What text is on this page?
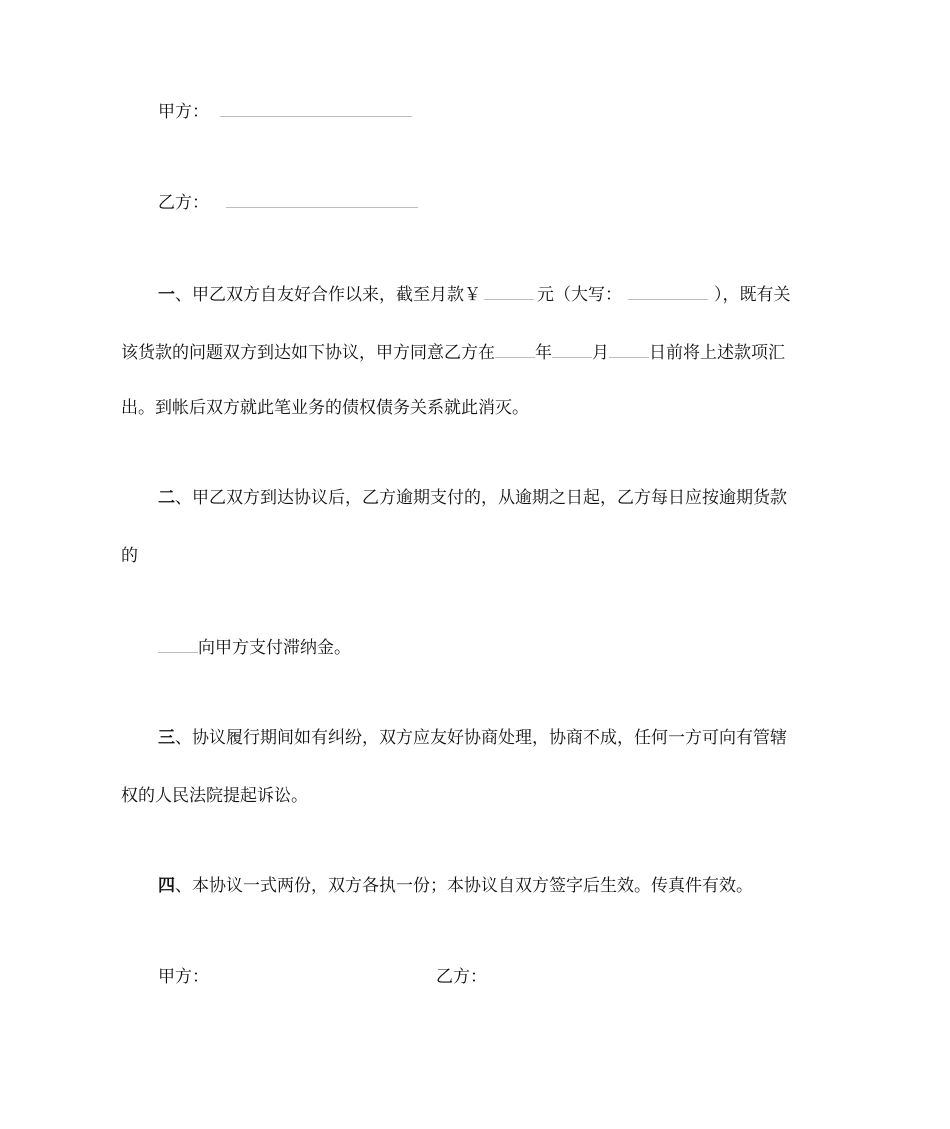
甲方：
乙方：
一、甲乙双方自友好合作以来，截至月款￥	元（大写：	），既有关
该货款的问题双方到达如下协议，甲方同意乙方在 年 月 日前将上述款项汇
出。到帐后双方就此笔业务的债权债务关系就此消灭。
二、甲乙双方到达协议后，乙方逾期支付的，从逾期之日起，乙方每日应按逾期货款
的
向甲方支付滞纳金。
三、协议履行期间如有纠纷，双方应友好协商处理，协商不成，任何一方可向有管辖
权的人民法院提起诉讼。
四、本协议一式两份，双方各执一份；本协议自双方签字后生效。传真件有效。
甲方：	乙方：
